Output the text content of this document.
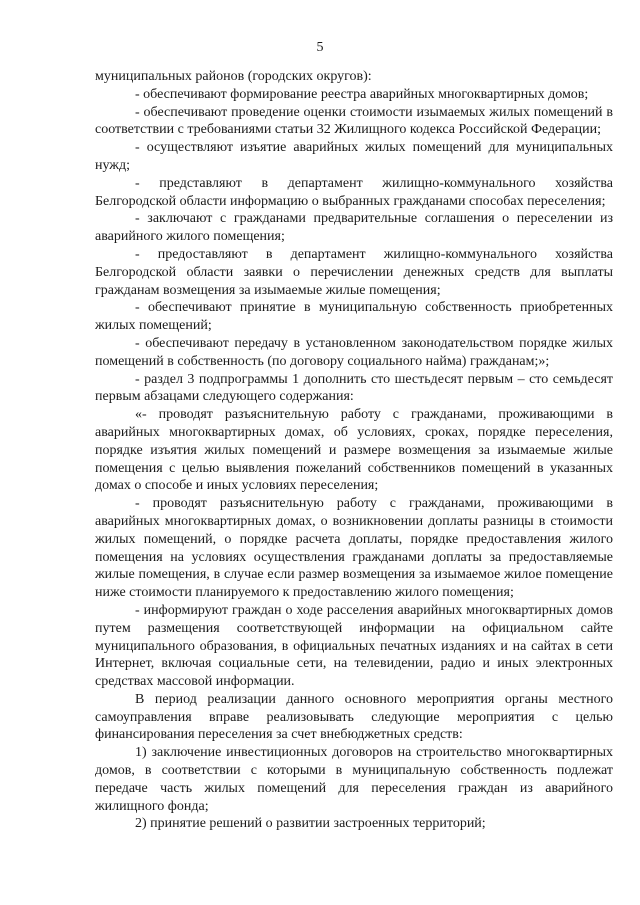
5

муниципальных районов (городских округов):

- обеспечивают формирование реестра аварийных многоквартирных домов;

- обеспечивают проведение оценки стоимости изымаемых жилых помещений в соответствии с требованиями статьи 32 Жилищного кодекса Российской Федерации;

- осуществляют изъятие аварийных жилых помещений для муниципальных нужд;

- представляют в департамент жилищно-коммунального хозяйства Белгородской области информацию о выбранных гражданами способах переселения;

- заключают с гражданами предварительные соглашения о переселении из аварийного жилого помещения;

- предоставляют в департамент жилищно-коммунального хозяйства Белгородской области заявки о перечислении денежных средств для выплаты гражданам возмещения за изымаемые жилые помещения;

- обеспечивают принятие в муниципальную собственность приобретенных жилых помещений;

- обеспечивают передачу в установленном законодательством порядке жилых помещений в собственность (по договору социального найма) гражданам;»;

- раздел 3 подпрограммы 1 дополнить сто шестьдесят первым – сто семьдесят первым абзацами следующего содержания:

«- проводят разъяснительную работу с гражданами, проживающими в аварийных многоквартирных домах, об условиях, сроках, порядке переселения, порядке изъятия жилых помещений и размере возмещения за изымаемые жилые помещения с целью выявления пожеланий собственников помещений в указанных домах о способе и иных условиях переселения;

- проводят разъяснительную работу с гражданами, проживающими в аварийных многоквартирных домах, о возникновении доплаты разницы в стоимости жилых помещений, о порядке расчета доплаты, порядке предоставления жилого помещения на условиях осуществления гражданами доплаты за предоставляемые жилые помещения, в случае если размер возмещения за изымаемое жилое помещение ниже стоимости планируемого к предоставлению жилого помещения;

- информируют граждан о ходе расселения аварийных многоквартирных домов путем размещения соответствующей информации на официальном сайте муниципального образования, в официальных печатных изданиях и на сайтах в сети Интернет, включая социальные сети, на телевидении, радио и иных электронных средствах массовой информации.

В период реализации данного основного мероприятия органы местного самоуправления вправе реализовывать следующие мероприятия с целью финансирования переселения за счет внебюджетных средств:

1) заключение инвестиционных договоров на строительство многоквартирных домов, в соответствии с которыми в муниципальную собственность подлежат передаче часть жилых помещений для переселения граждан из аварийного жилищного фонда;

2) принятие решений о развитии застроенных территорий;
